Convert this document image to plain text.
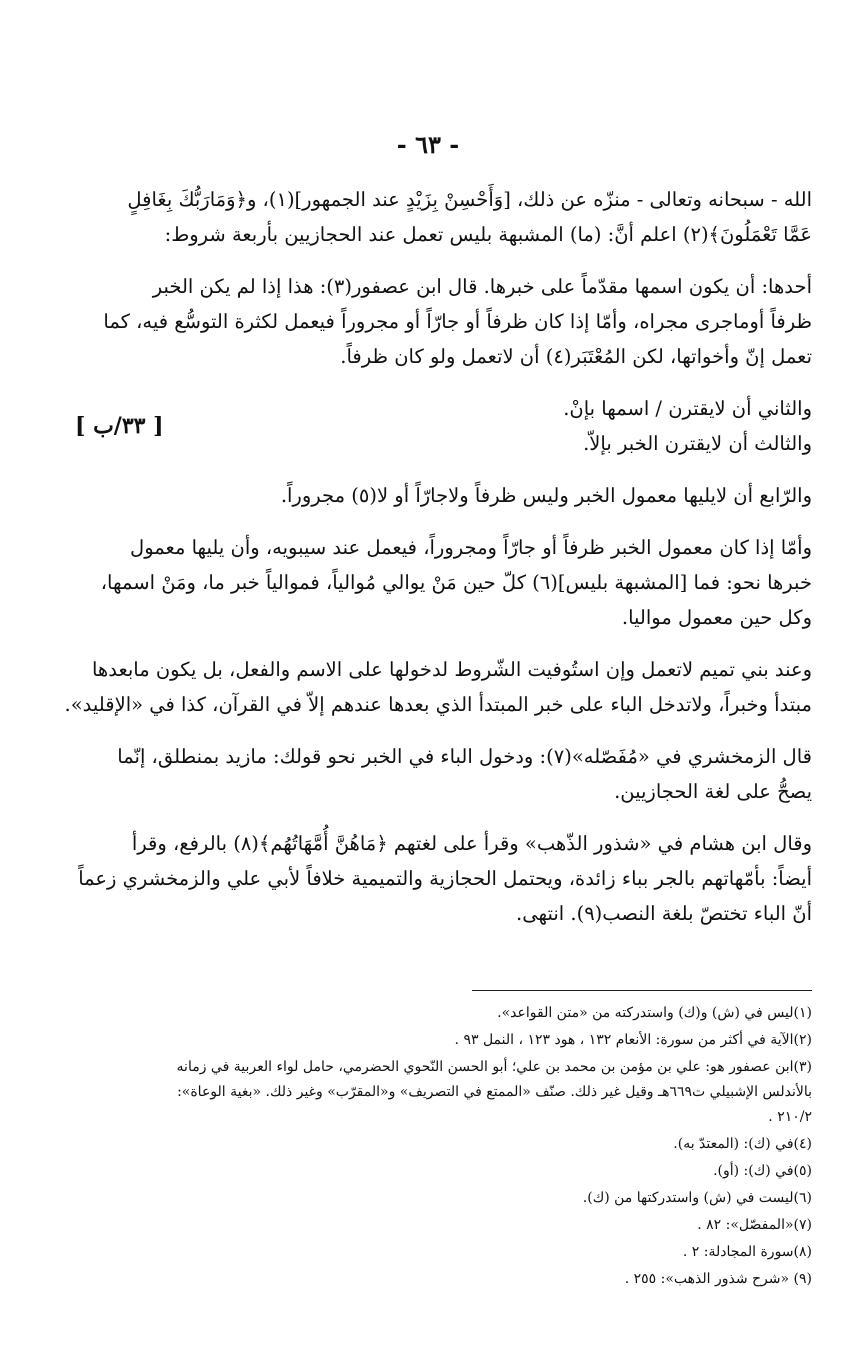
- ٦٣ -
[ ٣٣/ب ]
الله - سبحانه وتعالى - منزّه عن ذلك، [وَأَحْسِنْ بِزَيْدٍ عند الجمهور](١)، و﴿وَمَارَبُّكَ بِغَافِلٍ
عَمَّا تَعْمَلُونَ﴾(٢) اعلم أنَّ: (ما) المشبهة بليس تعمل عند الحجازيين بأربعة شروط:
أحدها: أن يكون اسمها مقدّماً على خبرها. قال ابن عصفور(٣): هذا إذا لم يكن الخبر
ظرفاً أوماجرى مجراه، وأمّا إذا كان ظرفاً أو جارّاً أو مجروراً فيعمل لكثرة التوسُّع فيه، كما
تعمل إنّ وأخواتها، لكن المُعْتَبَر(٤) أن لاتعمل ولو كان ظرفاً.
والثاني أن لايقترن / اسمها بإنْ.
والثالث أن لايقترن الخبر بإلاّ.
والرّابع أن لايليها معمول الخبر وليس ظرفاً ولاجارّاً أو لا(٥) مجروراً.
وأمّا إذا كان معمول الخبر ظرفاً أو جارّاً ومجروراً، فيعمل عند سيبويه، وأن يليها معمول
خبرها نحو: فما [المشبهة بليس](٦) كلّ حين مَنْ يوالي مُوالياً، فموالياً خبر ما، ومَنْ اسمها،
وكل حين معمول مواليا.
وعند بني تميم لاتعمل وإن استُوفيت الشّروط لدخولها على الاسم والفعل، بل يكون مابعدها
مبتدأ وخبراً، ولاتدخل الباء على خبر المبتدأ الذي بعدها عندهم إلاّ في القرآن، كذا في «الإقليد».
قال الزمخشري في «مُفَصّله»(٧): ودخول الباء في الخبر نحو قولك: مازيد بمنطلق، إنّما
يصحُّ على لغة الحجازيين.
وقال ابن هشام في «شذور الذّهب» وقرأ على لغتهم ﴿مَاهُنَّ أُمَّهَاتُهُم﴾(٨) بالرفع، وقرأ
أيضاً: بأمّهاتهم بالجر بباء زائدة، ويحتمل الحجازية والتميمية خلافاً لأبي علي والزمخشري زعماً
أنّ الباء تختصّ بلغة النصب(٩). انتهى.
(١)ليس في (ش) و(ك) واستدركته من «متن القواعد».
(٢)الآية في أكثر من سورة: الأنعام ١٣٢ ، هود ١٢٣ ، النمل ٩٣ .
(٣)ابن عصفور هو: علي بن مؤمن بن محمد بن علي؛ أبو الحسن النّحوي الحضرمي، حامل لواء العربية في زمانه
بالأندلس الإشبيلي ت٦٦٩هـ وقيل غير ذلك. صنّف «الممتع في التصريف» و«المقرّب» وغير ذلك. «بغية الوعاة»:
٢١٠/٢ .
(٤)في (ك): (المعتدّ به).
(٥)في (ك): (أو).
(٦)ليست في (ش) واستدركتها من (ك).
(٧)«المفصّل»: ٨٢ .
(٨)سورة المجادلة: ٢ .
(٩) «شرح شذور الذهب»: ٢٥٥ .
